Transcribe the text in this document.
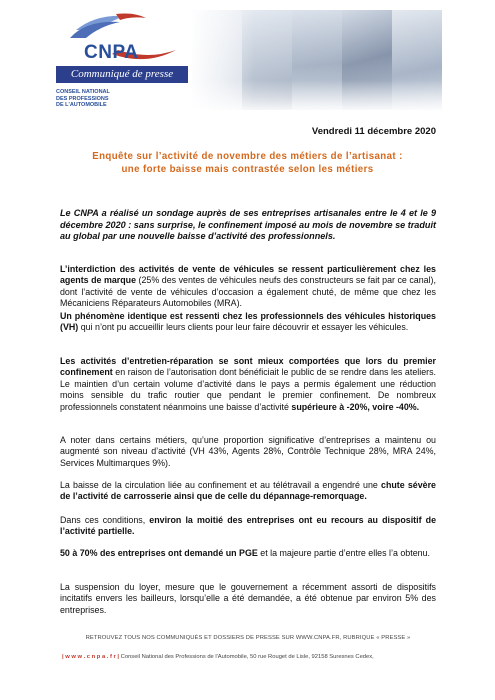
CNPA
Communiqué de presse
CONSEIL NATIONAL
DES PROFESSIONS
DE L'AUTOMOBILE
Vendredi 11 décembre 2020
Enquête sur l’activité de novembre des métiers de l’artisanat :
une forte baisse mais contrastée selon les métiers

Le CNPA a réalisé un sondage auprès de ses entreprises artisanales entre le 4 et le 9 décembre 2020 : sans surprise, le confinement imposé au mois de novembre se traduit au global par une nouvelle baisse d’activité des professionnels.

L’interdiction des activités de vente de véhicules se ressent particulièrement chez les agents de marque (25% des ventes de véhicules neufs des constructeurs se fait par ce canal), dont l’activité de vente de véhicules d’occasion a également chuté, de même que chez les Mécaniciens Réparateurs Automobiles (MRA).

Un phénomène identique est ressenti chez les professionnels des véhicules historiques (VH) qui n’ont pu accueillir leurs clients pour leur faire découvrir et essayer les véhicules.

Les activités d’entretien-réparation se sont mieux comportées que lors du premier confinement en raison de l’autorisation dont bénéficiait le public de se rendre dans les ateliers. Le maintien d’un certain volume d’activité dans le pays a permis également une réduction moins sensible du trafic routier que pendant le premier confinement. De nombreux professionnels constatent néanmoins une baisse d’activité supérieure à -20%, voire -40%.

A noter dans certains métiers, qu’une proportion significative d’entreprises a maintenu ou augmenté son niveau d’activité (VH 43%, Agents 28%, Contrôle Technique 28%, MRA 24%, Services Multimarques 9%).

La baisse de la circulation liée au confinement et au télétravail a engendré une chute sévère de l’activité de carrosserie ainsi que de celle du dépannage-remorquage.

Dans ces conditions, environ la moitié des entreprises ont eu recours au dispositif de l’activité partielle.

50 à 70% des entreprises ont demandé un PGE et la majeure partie d’entre elles l’a obtenu.

La suspension du loyer, mesure que le gouvernement a récemment assorti de dispositifs incitatifs envers les bailleurs, lorsqu’elle a été demandée, a été obtenue par environ 5% des entreprises.

RETROUVEZ TOUS NOS COMMUNIQUÉS ET DOSSIERS DE PRESSE SUR WWW.CNPA.FR, RUBRIQUE « PRESSE »
| w w w . c n p a . f r | Conseil National des Professions de l'Automobile, 50 rue Rouget de Lisle, 92158 Suresnes Cedex,
